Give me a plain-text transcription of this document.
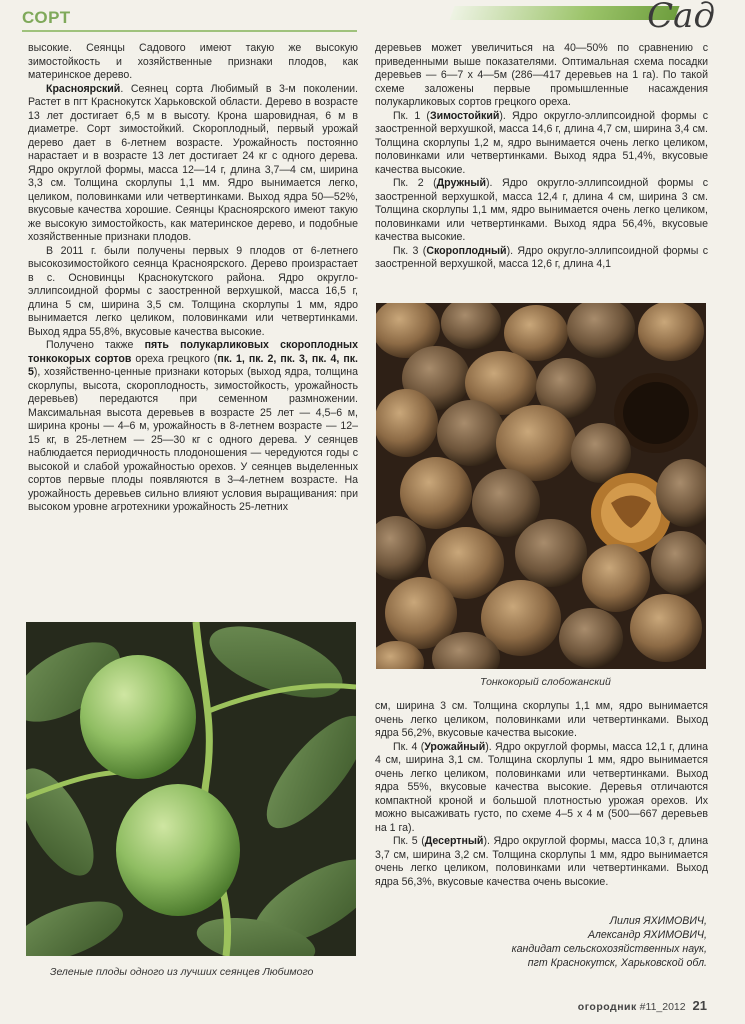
СОРТ	Сад

высокие. Сеянцы Садового имеют такую же высокую зимостойкость и хозяйственные признаки плодов, как материнское дерево.

Красноярский. Сеянец сорта Любимый в 3-м поколении. Растет в пгт Краснокутск Харьковской области. Дерево в возрасте 13 лет достигает 6,5 м в высоту. Крона шаровидная, 6 м в диаметре. Сорт зимостойкий. Скороплодный, первый урожай дерево дает в 6-летнем возрасте. Урожайность постоянно нарастает и в возрасте 13 лет достигает 24 кг с одного дерева. Ядро округлой формы, масса 12—14 г, длина 3,7—4 см, ширина 3,3 см. Толщина скорлупы 1,1 мм. Ядро вынимается легко, целиком, половинками или четвертинками. Выход ядра 50—52%, вкусовые качества хорошие. Сеянцы Красноярского имеют такую же высокую зимостойкость, как материнское дерево, и подобные хозяйственные признаки плодов.

В 2011 г. были получены первых 9 плодов от 6-летнего высокозимостойкого сеянца Красноярского. Дерево произрастает в с. Основинцы Краснокутского района. Ядро округло-эллипсоидной формы с заостренной верхушкой, масса 16,5 г, длина 5 см, ширина 3,5 см. Толщина скорлупы 1 мм, ядро вынимается легко целиком, половинками или четвертинками. Выход ядра 55,8%, вкусовые качества высокие.

Получено также пять полукарликовых скороплодных тонкокорых сортов ореха грецкого (пк. 1, пк. 2, пк. 3, пк. 4, пк. 5), хозяйственно-ценные признаки которых (выход ядра, толщина скорлупы, высота, скороплодность, зимостойкость, урожайность деревьев) передаются при семенном размножении. Максимальная высота деревьев в возрасте 25 лет — 4,5–6 м, ширина кроны — 4–6 м, урожайность в 8-летнем возрасте — 12–15 кг, в 25-летнем — 25—30 кг с одного дерева. У сеянцев наблюдается периодичность плодоношения — чередуются годы с высокой и слабой урожайностью орехов. У сеянцев выделенных сортов первые плоды появляются в 3–4-летнем возрасте. На урожайность деревьев сильно влияют условия выращивания: при высоком уровне агротехники урожайность 25-летних

деревьев может увеличиться на 40—50% по сравнению с приведенными выше показателями. Оптимальная схема посадки деревьев — 6—7 х 4—5м (286—417 деревьев на 1 га). По такой схеме заложены первые промышленные насаждения полукарликовых сортов грецкого ореха.

Пк. 1 (Зимостойкий). Ядро округло-эллипсоидной формы с заостренной верхушкой, масса 14,6 г, длина 4,7 см, ширина 3,4 см. Толщина скорлупы 1,2 м, ядро вынимается очень легко целиком, половинками или четвертинками. Выход ядра 51,4%, вкусовые качества высокие.

Пк. 2 (Дружный). Ядро округло-эллипсоидной формы с заостренной верхушкой, масса 12,4 г, длина 4 см, ширина 3 см. Толщина скорлупы 1,1 мм, ядро вынимается очень легко целиком, половинками или четвертинками. Выход ядра 56,4%, вкусовые качества высокие.

Пк. 3 (Скороплодный). Ядро округло-эллипсоидной формы с заостренной верхушкой, масса 12,6 г, длина 4,1

Тонкокорый слобожанский

см, ширина 3 см. Толщина скорлупы 1,1 мм, ядро вынимается очень легко целиком, половинками или четвертинками. Выход ядра 56,2%, вкусовые качества высокие.

Пк. 4 (Урожайный). Ядро округлой формы, масса 12,1 г, длина 4 см, ширина 3,1 см. Толщина скорлупы 1 мм, ядро вынимается очень легко целиком, половинками или четвертинками. Выход ядра 55%, вкусовые качества высокие. Деревья отличаются компактной кроной и большой плотностью урожая орехов. Их можно высаживать густо, по схеме 4–5 х 4 м (500—667 деревьев на 1 га).

Пк. 5 (Десертный). Ядро округлой формы, масса 10,3 г, длина 3,7 см, ширина 3,2 см. Толщина скорлупы 1 мм, ядро вынимается очень легко целиком, половинками или четвертинками. Выход ядра 56,3%, вкусовые качества очень высокие.

Зеленые плоды одного из лучших сеянцев Любимого
Лилия ЯХИМОВИЧ,
Александр ЯХИМОВИЧ,
кандидат сельскохозяйственных наук,
пгт Краснокутск, Харьковской обл.
огородник #11_2012 21
